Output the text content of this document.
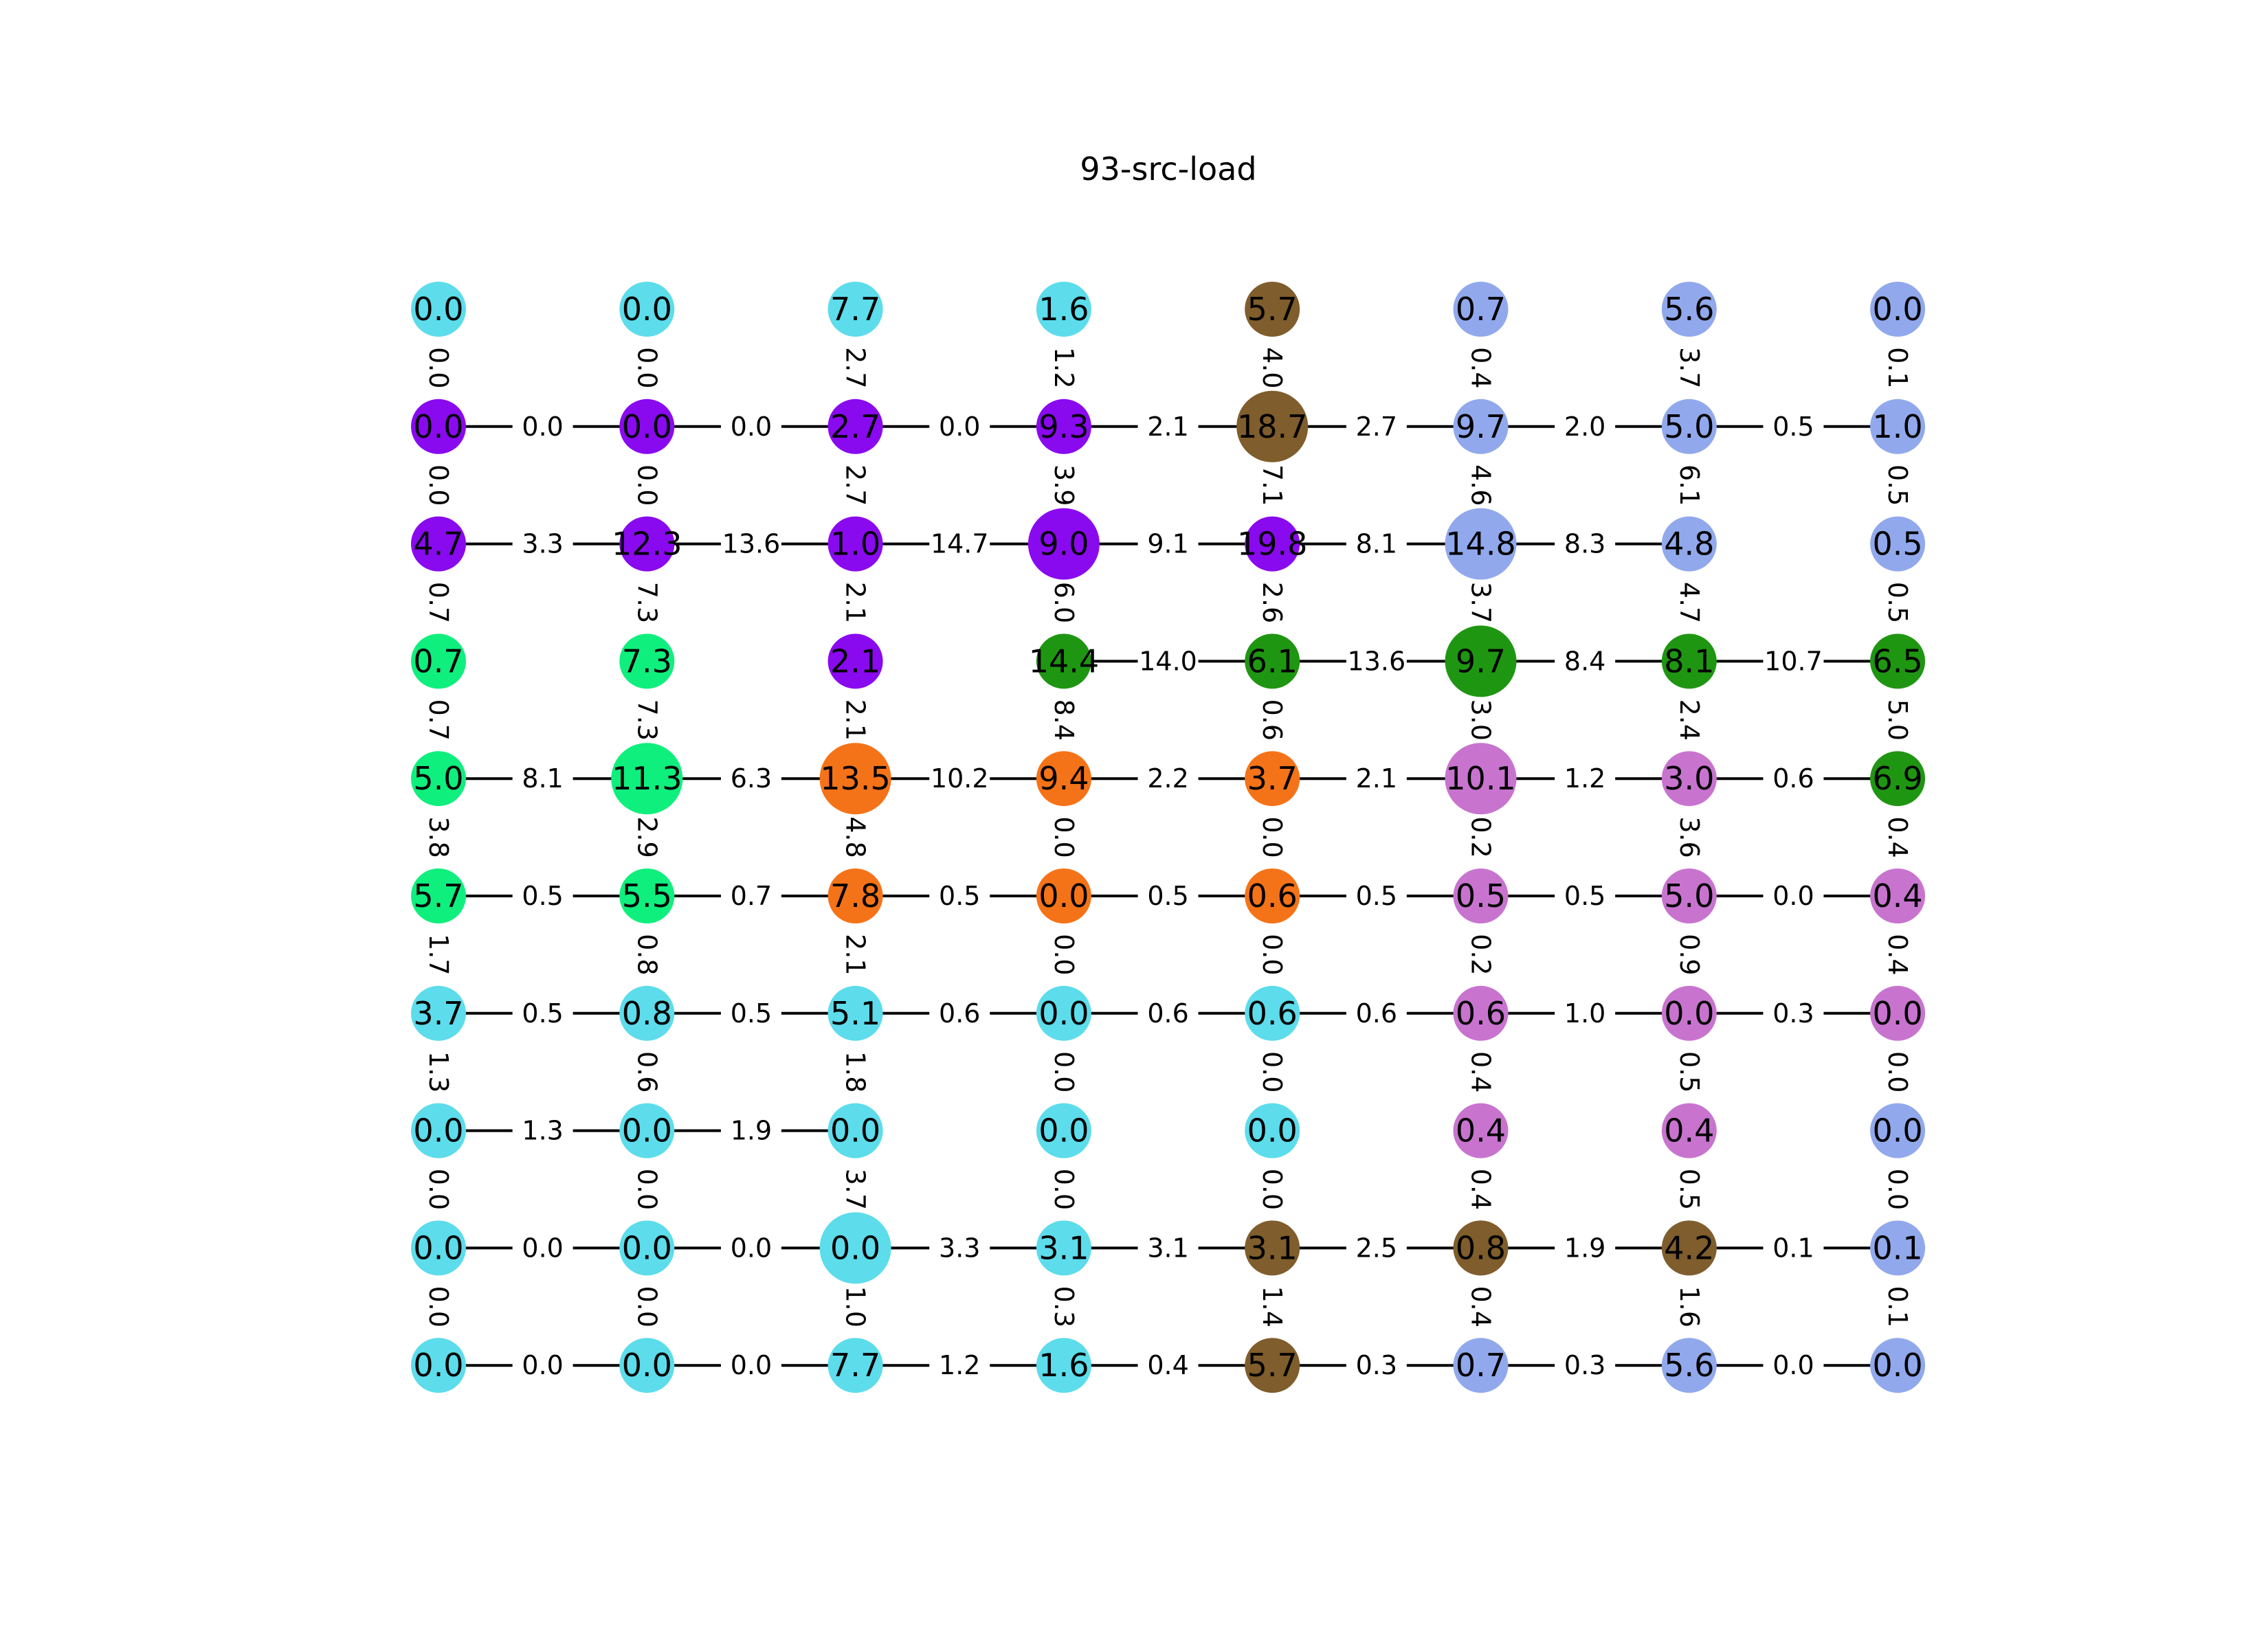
93-src-load
0.0	0.0	0.0	2.1	2.7	2.0	0.5
3.3	13.6	14.7	9.1	8.1	8.3
14.0	13.6	8.4	10.7
8.1	6.3	10.2	2.2	2.1	1.2	0.6
0.5	0.7	0.5	0.5	0.5	0.5	0.0
0.5	0.5	0.6	0.6	0.6	1.0	0.3
1.3	1.9
0.0	0.0	3.3	3.1	2.5	1.9	0.1
0.0	0.0	1.2	0.4	0.3	0.3	0.0
0.0	0.0	2.7	1.2	4.0	0.4	3.7	0.1
0.0	0.0	2.7	3.9	7.1	4.6	6.1	0.5
0.7	7.3	2.1	6.0	2.6	3.7	4.7	0.5
0.7	7.3	2.1	8.4	0.6	3.0	2.4	5.0
3.8	2.9	4.8	0.0	0.0	0.2	3.6	0.4
1.7	0.8	2.1	0.0	0.0	0.2	0.9	0.4
1.3	0.6	1.8	0.0	0.0	0.4	0.5	0.0
0.0	0.0	3.7	0.0	0.0	0.4	0.5	0.0
0.0	0.0	1.0	0.3	1.4	0.4	1.6	0.1
0.0	0.0	7.7	1.6	5.7	0.7	5.6	0.0
0.0	0.0	2.7	9.3	18.7	9.7	5.0	1.0
4.7	12.3	1.0	9.0	19.8	14.8	4.8	0.5
0.7	7.3	2.1	14.4	6.1	9.7	8.1	6.5
5.0	11.3	13.5	9.4	3.7	10.1	3.0	6.9
5.7	5.5	7.8	0.0	0.6	0.5	5.0	0.4
3.7	0.8	5.1	0.0	0.6	0.6	0.0	0.0
0.0	0.0	0.0	0.0	0.0	0.4	0.4	0.0
0.0	0.0	0.0	3.1	3.1	0.8	4.2	0.1
0.0	0.0	7.7	1.6	5.7	0.7	5.6	0.0
